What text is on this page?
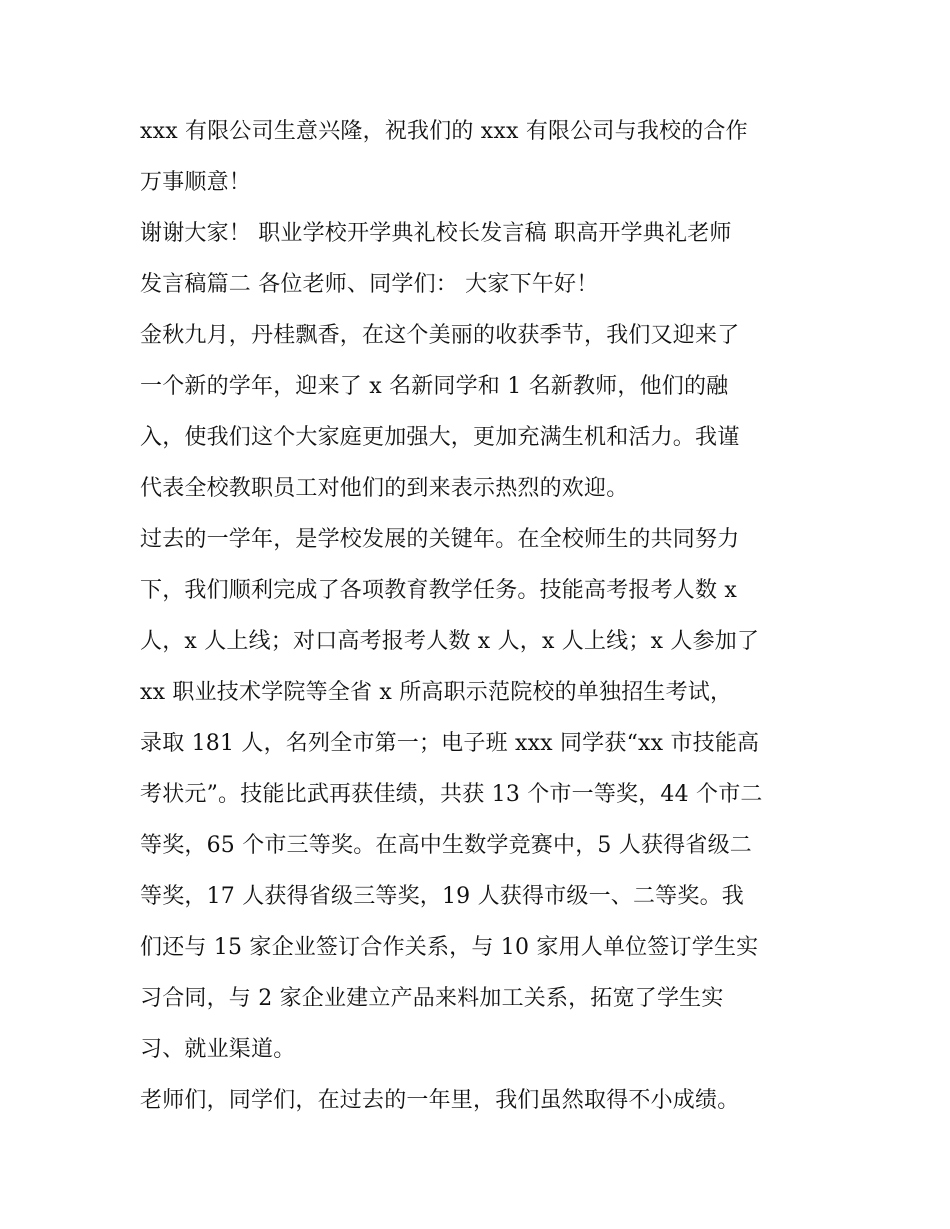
xxx 有限公司生意兴隆，祝我们的 xxx 有限公司与我校的合作
万事顺意！
谢谢大家！ 职业学校开学典礼校长发言稿 职高开学典礼老师
发言稿篇二 各位老师、同学们： 大家下午好！
金秋九月，丹桂飘香，在这个美丽的收获季节，我们又迎来了
一个新的学年，迎来了 x 名新同学和 1 名新教师，他们的融
入，使我们这个大家庭更加强大，更加充满生机和活力。我谨
代表全校教职员工对他们的到来表示热烈的欢迎。
过去的一学年，是学校发展的关键年。在全校师生的共同努力
下，我们顺利完成了各项教育教学任务。技能高考报考人数 x
人，x 人上线；对口高考报考人数 x 人，x 人上线；x 人参加了
xx 职业技术学院等全省 x 所高职示范院校的单独招生考试，
录取 181 人，名列全市第一；电子班 xxx 同学获“xx 市技能高
考状元”。技能比武再获佳绩，共获 13 个市一等奖，44 个市二
等奖，65 个市三等奖。在高中生数学竞赛中，5 人获得省级二
等奖，17 人获得省级三等奖，19 人获得市级一、二等奖。我
们还与 15 家企业签订合作关系，与 10 家用人单位签订学生实
习合同，与 2 家企业建立产品来料加工关系，拓宽了学生实
习、就业渠道。
老师们，同学们，在过去的一年里，我们虽然取得不小成绩。
